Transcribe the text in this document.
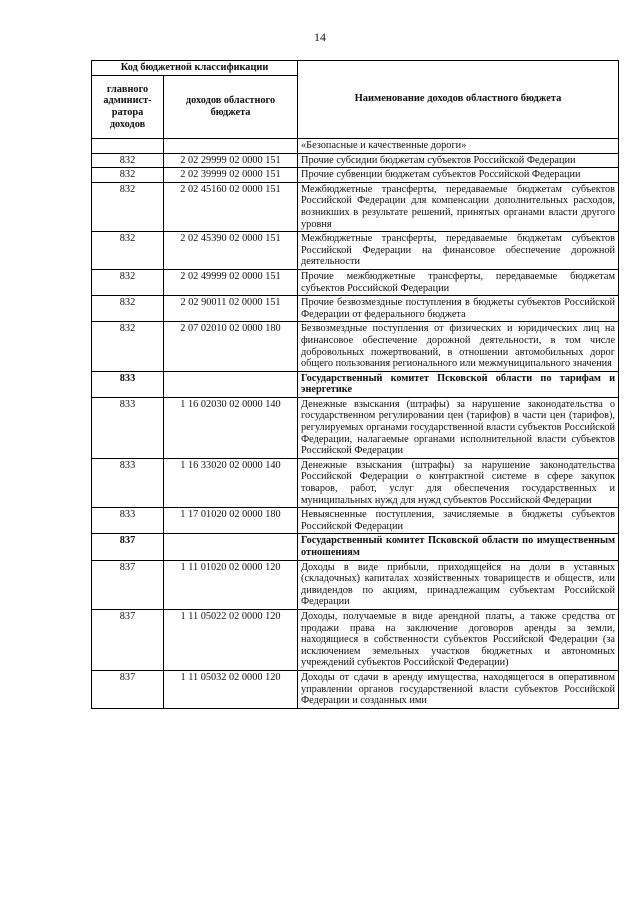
14
Код бюджетной классификации		Наименование доходов областного бюджета
главного админист-ратора доходов	доходов областного бюджета	
		«Безопасные и качественные дороги»
832	2 02 29999 02 0000 151	Прочие субсидии бюджетам субъектов Российской Федерации
832	2 02 39999 02 0000 151	Прочие субвенции бюджетам субъектов Российской Федерации
832	2 02 45160 02 0000 151	Межбюджетные трансферты, передаваемые бюджетам субъектов Российской Федерации для компенсации дополнительных расходов, возникших в результате решений, принятых органами власти другого уровня
832	2 02 45390 02 0000 151	Межбюджетные трансферты, передаваемые бюджетам субъектов Российской Федерации на финансовое обеспечение дорожной деятельности
832	2 02 49999 02 0000 151	Прочие межбюджетные трансферты, передаваемые бюджетам субъектов Российской Федерации
832	2 02 90011 02 0000 151	Прочие безвозмездные поступления в бюджеты субъектов Российской Федерации от федерального бюджета
832	2 07 02010 02 0000 180	Безвозмездные поступления от физических и юридических лиц на финансовое обеспечение дорожной деятельности, в том числе добровольных пожертвований, в отношении автомобильных дорог общего пользования регионального или межмуниципального значения
833		Государственный комитет Псковской области по тарифам и энергетике
833	1 16 02030 02 0000 140	Денежные взыскания (штрафы) за нарушение законодательства о государственном регулировании цен (тарифов) в части цен (тарифов), регулируемых органами государственной власти субъектов Российской Федерации, налагаемые органами исполнительной власти субъектов Российской Федерации
833	1 16 33020 02 0000 140	Денежные взыскания (штрафы) за нарушение законодательства Российской Федерации о контрактной системе в сфере закупок товаров, работ, услуг для обеспечения государственных и муниципальных нужд для нужд субъектов Российской Федерации
833	1 17 01020 02 0000 180	Невыясненные поступления, зачисляемые в бюджеты субъектов Российской Федерации
837		Государственный комитет Псковской области по имущественным отношениям
837	1 11 01020 02 0000 120	Доходы в виде прибыли, приходящейся на доли в уставных (складочных) капиталах хозяйственных товариществ и обществ, или дивидендов по акциям, принадлежащим субъектам Российской Федерации
837	1 11 05022 02 0000 120	Доходы, получаемые в виде арендной платы, а также средства от продажи права на заключение договоров аренды за земли, находящиеся в собственности субъектов Российской Федерации (за исключением земельных участков бюджетных и автономных учреждений субъектов Российской Федерации)
837	1 11 05032 02 0000 120	Доходы от сдачи в аренду имущества, находящегося в оперативном управлении органов государственной власти субъектов Российской Федерации и созданных ими
